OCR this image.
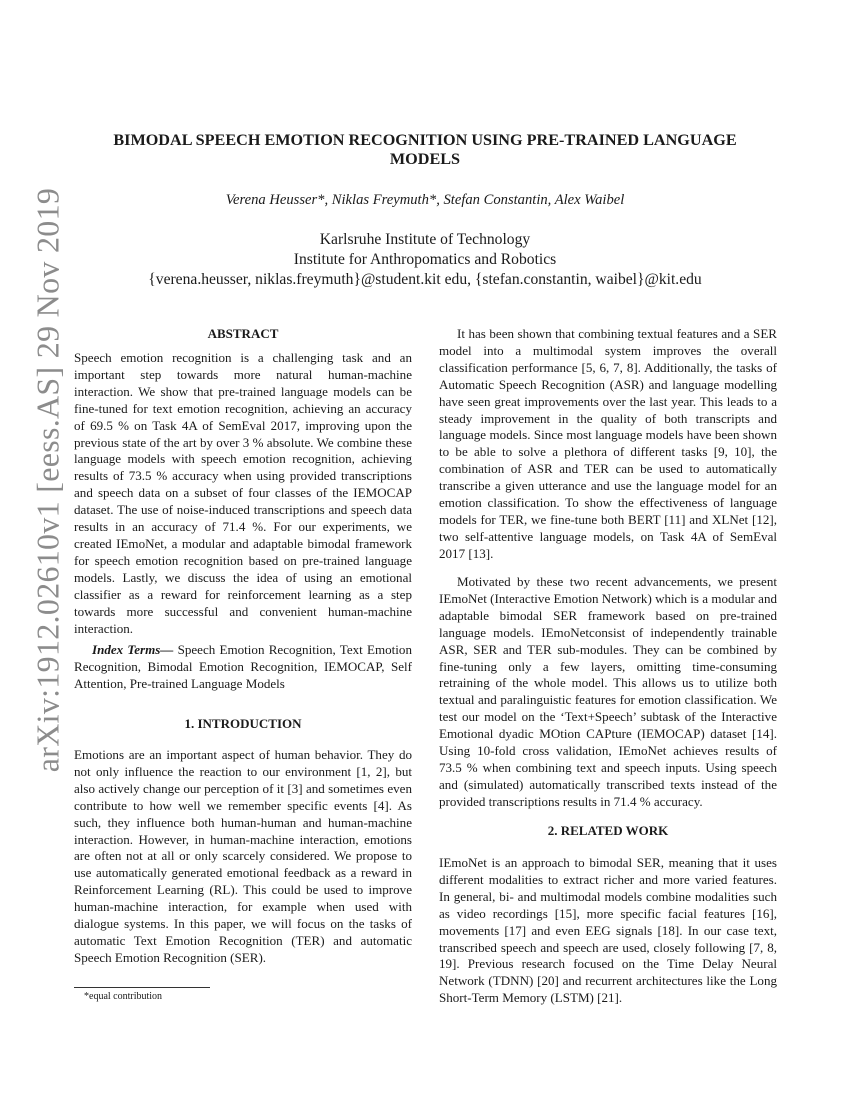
arXiv:1912.02610v1 [eess.AS] 29 Nov 2019
BIMODAL SPEECH EMOTION RECOGNITION USING PRE-TRAINED LANGUAGE MODELS
Verena Heusser*, Niklas Freymuth*, Stefan Constantin, Alex Waibel
Karlsruhe Institute of Technology
Institute for Anthropomatics and Robotics
{verena.heusser, niklas.freymuth}@student.kit edu, {stefan.constantin, waibel}@kit.edu
ABSTRACT

Speech emotion recognition is a challenging task and an important step towards more natural human-machine interaction. We show that pre-trained language models can be fine-tuned for text emotion recognition, achieving an accuracy of 69.5 % on Task 4A of SemEval 2017, improving upon the previous state of the art by over 3 % absolute. We combine these language models with speech emotion recognition, achieving results of 73.5 % accuracy when using provided transcriptions and speech data on a subset of four classes of the IEMOCAP dataset. The use of noise-induced transcriptions and speech data results in an accuracy of 71.4 %. For our experiments, we created IEmoNet, a modular and adaptable bimodal framework for speech emotion recognition based on pre-trained language models. Lastly, we discuss the idea of using an emotional classifier as a reward for reinforcement learning as a step towards more successful and convenient human-machine interaction.

Index Terms— Speech Emotion Recognition, Text Emotion Recognition, Bimodal Emotion Recognition, IEMOCAP, Self Attention, Pre-trained Language Models

1. INTRODUCTION

Emotions are an important aspect of human behavior. They do not only influence the reaction to our environment [1, 2], but also actively change our perception of it [3] and sometimes even contribute to how well we remember specific events [4]. As such, they influence both human-human and human-machine interaction. However, in human-machine interaction, emotions are often not at all or only scarcely considered. We propose to use automatically generated emotional feedback as a reward in Reinforcement Learning (RL). This could be used to improve human-machine interaction, for example when used with dialogue systems. In this paper, we will focus on the tasks of automatic Text Emotion Recognition (TER) and automatic Speech Emotion Recognition (SER).

*equal contribution

It has been shown that combining textual features and a SER model into a multimodal system improves the overall classification performance [5, 6, 7, 8]. Additionally, the tasks of Automatic Speech Recognition (ASR) and language modelling have seen great improvements over the last year. This leads to a steady improvement in the quality of both transcripts and language models. Since most language models have been shown to be able to solve a plethora of different tasks [9, 10], the combination of ASR and TER can be used to automatically transcribe a given utterance and use the language model for an emotion classification. To show the effectiveness of language models for TER, we fine-tune both BERT [11] and XLNet [12], two self-attentive language models, on Task 4A of SemEval 2017 [13].

Motivated by these two recent advancements, we present IEmoNet (Interactive Emotion Network) which is a modular and adaptable bimodal SER framework based on pre-trained language models. IEmoNetconsist of independently trainable ASR, SER and TER sub-modules. They can be combined by fine-tuning only a few layers, omitting time-consuming retraining of the whole model. This allows us to utilize both textual and paralinguistic features for emotion classification. We test our model on the ‘Text+Speech’ subtask of the Interactive Emotional dyadic MOtion CAPture (IEMOCAP) dataset [14]. Using 10-fold cross validation, IEmoNet achieves results of 73.5 % when combining text and speech inputs. Using speech and (simulated) automatically transcribed texts instead of the provided transcriptions results in 71.4 % accuracy.

2. RELATED WORK

IEmoNet is an approach to bimodal SER, meaning that it uses different modalities to extract richer and more varied features. In general, bi- and multimodal models combine modalities such as video recordings [15], more specific facial features [16], movements [17] and even EEG signals [18]. In our case text, transcribed speech and speech are used, closely following [7, 8, 19]. Previous research focused on the Time Delay Neural Network (TDNN) [20] and recurrent architectures like the Long Short-Term Memory (LSTM) [21].
